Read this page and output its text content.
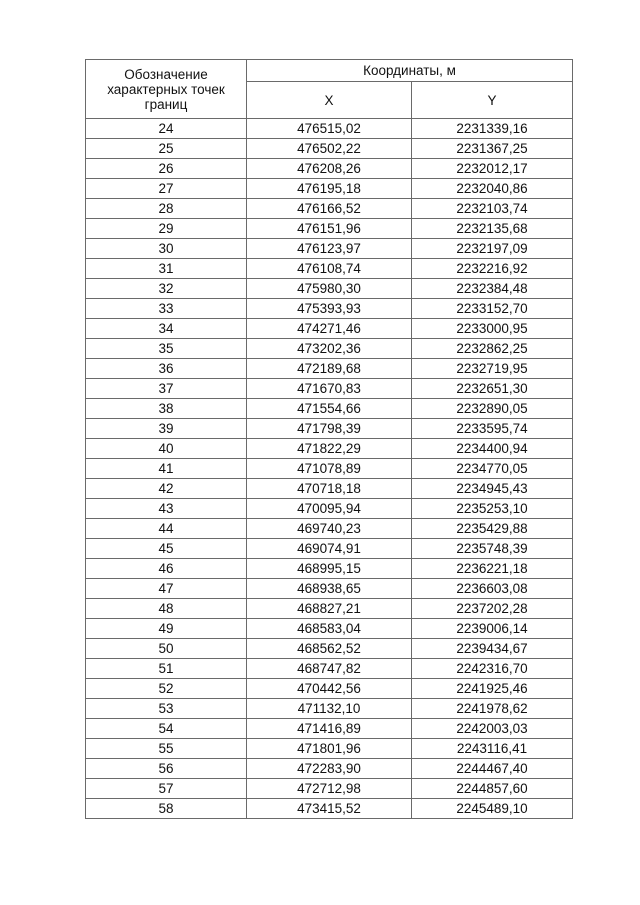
Обозначение характерных точек границ	Координаты, м	
	X	Y
24	476515,02	2231339,16
25	476502,22	2231367,25
26	476208,26	2232012,17
27	476195,18	2232040,86
28	476166,52	2232103,74
29	476151,96	2232135,68
30	476123,97	2232197,09
31	476108,74	2232216,92
32	475980,30	2232384,48
33	475393,93	2233152,70
34	474271,46	2233000,95
35	473202,36	2232862,25
36	472189,68	2232719,95
37	471670,83	2232651,30
38	471554,66	2232890,05
39	471798,39	2233595,74
40	471822,29	2234400,94
41	471078,89	2234770,05
42	470718,18	2234945,43
43	470095,94	2235253,10
44	469740,23	2235429,88
45	469074,91	2235748,39
46	468995,15	2236221,18
47	468938,65	2236603,08
48	468827,21	2237202,28
49	468583,04	2239006,14
50	468562,52	2239434,67
51	468747,82	2242316,70
52	470442,56	2241925,46
53	471132,10	2241978,62
54	471416,89	2242003,03
55	471801,96	2243116,41
56	472283,90	2244467,40
57	472712,98	2244857,60
58	473415,52	2245489,10
